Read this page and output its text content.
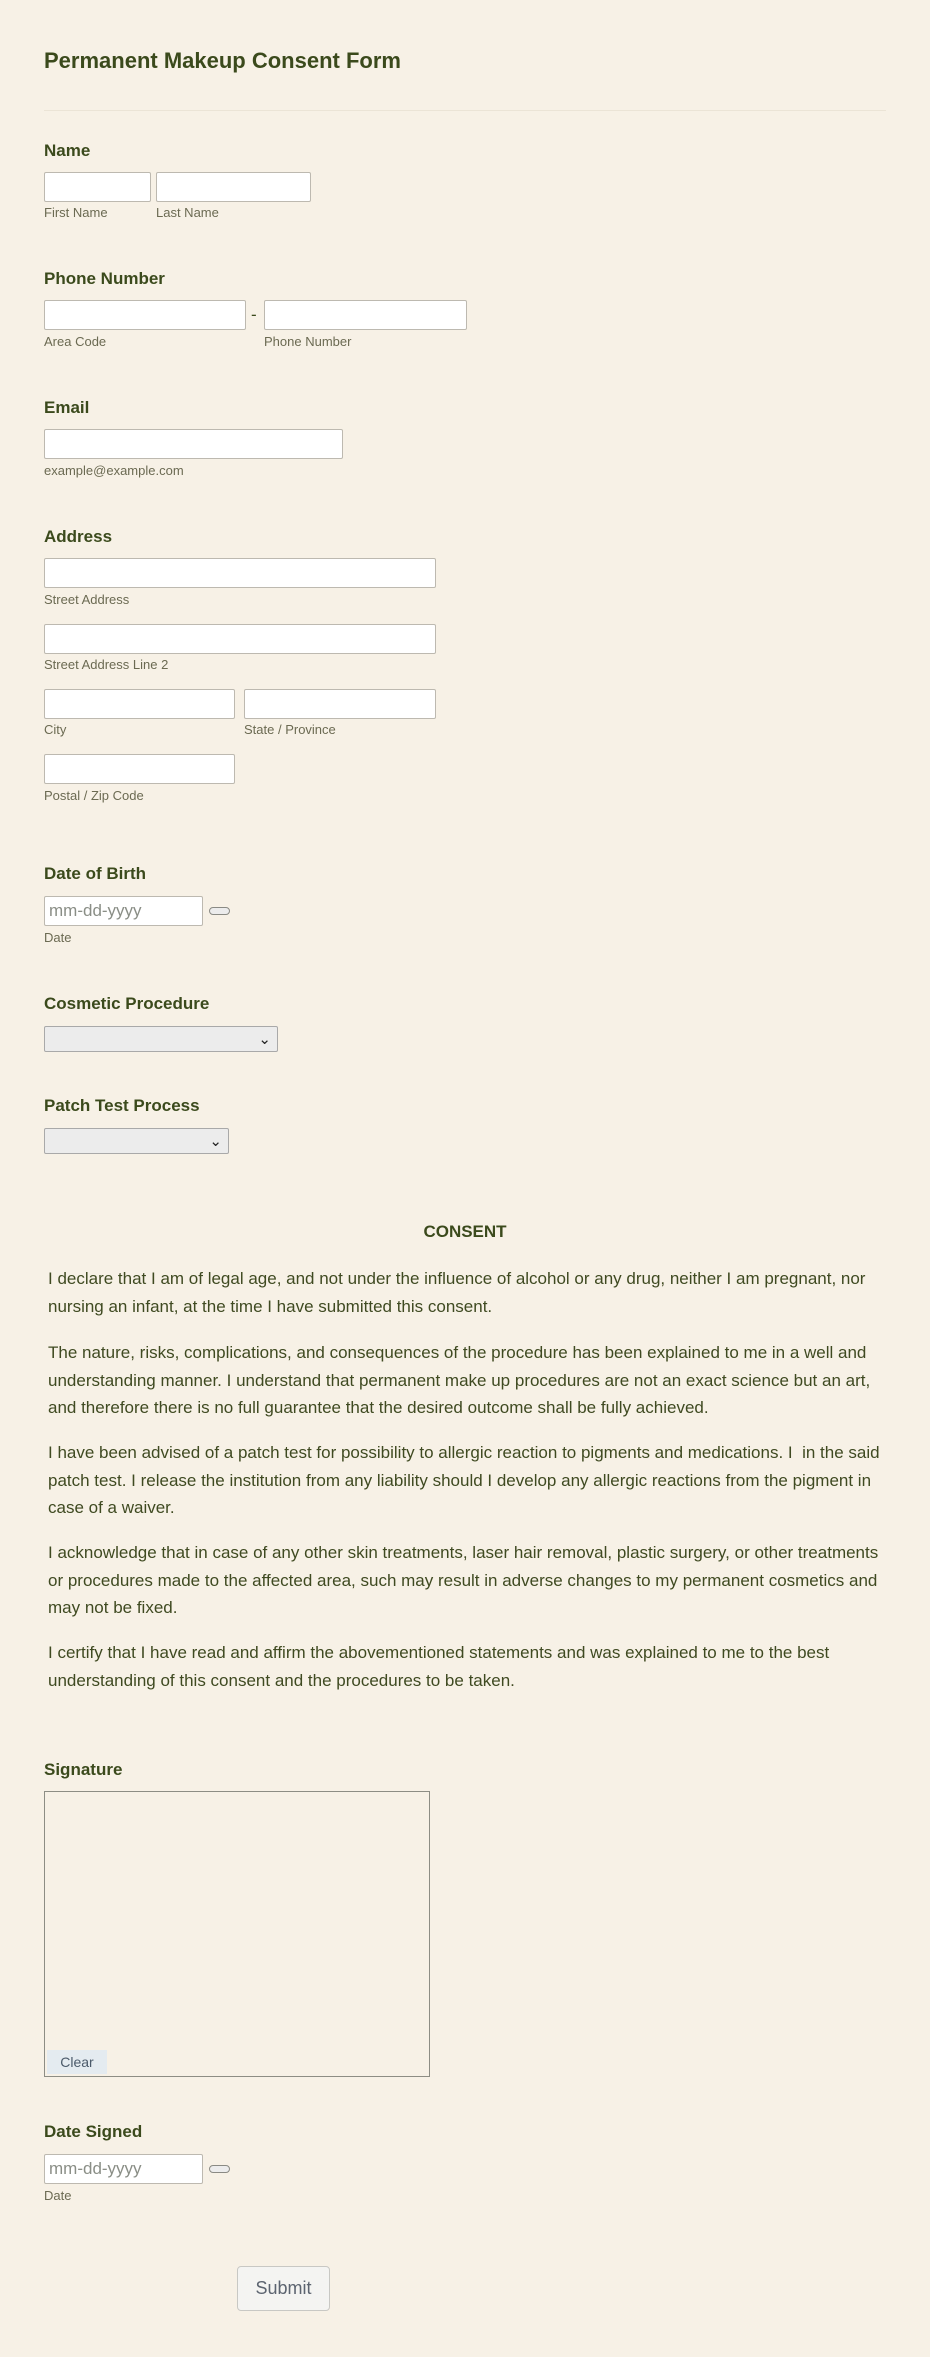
Permanent Makeup Consent Form
Name
First Name	Last Name
Phone Number
-
Area Code	Phone Number
Email
example@example.com
Address
Street Address
Street Address Line 2
City	State / Province
Postal / Zip Code
Date of Birth
mm-dd-yyyy
Date
Cosmetic Procedure
⌄
Patch Test Process
⌄
CONSENT
I declare that I am of legal age, and not under the influence of alcohol or any drug, neither I am pregnant, nor nursing an infant, at the time I have submitted this consent.
The nature, risks, complications, and consequences of the procedure has been explained to me in a well and understanding manner. I understand that permanent make up procedures are not an exact science but an art, and therefore there is no full guarantee that the desired outcome shall be fully achieved.
I have been advised of a patch test for possibility to allergic reaction to pigments and medications. I  in the said patch test. I release the institution from any liability should I develop any allergic reactions from the pigment in case of a waiver.
I acknowledge that in case of any other skin treatments, laser hair removal, plastic surgery, or other treatments or procedures made to the affected area, such may result in adverse changes to my permanent cosmetics and may not be fixed.
I certify that I have read and affirm the abovementioned statements and was explained to me to the best understanding of this consent and the procedures to be taken.
Signature
Clear
Date Signed
mm-dd-yyyy
Date
Submit
